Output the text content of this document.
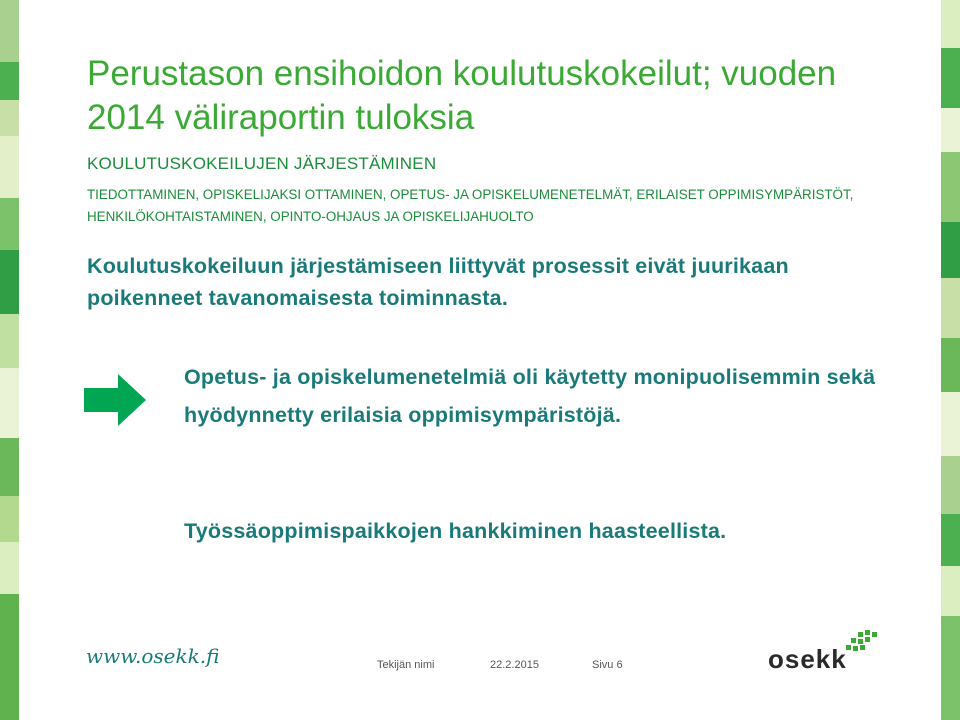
Perustason ensihoidon koulutuskokeilut; vuoden 2014 väliraportin tuloksia
KOULUTUSKOKEILUJEN JÄRJESTÄMINEN

TIEDOTTAMINEN, OPISKELIJAKSI OTTAMINEN, OPETUS- JA OPISKELUMENETELMÄT, ERILAISET OPPIMISYMPÄRISTÖT, HENKILÖKOHTAISTAMINEN, OPINTO-OHJAUS JA OPISKELIJAHUOLTO

Koulutuskokeiluun järjestämiseen liittyvät prosessit eivät juurikaan poikenneet tavanomaisesta toiminnasta.

Opetus- ja opiskelumenetelmiä oli käytetty monipuolisemmin sekä hyödynnetty erilaisia oppimisympäristöjä.

Työssäoppimispaikkojen hankkiminen haasteellista.

www.osekk.fi	Tekijän nimi	22.2.2015	Sivu 6	osekk
